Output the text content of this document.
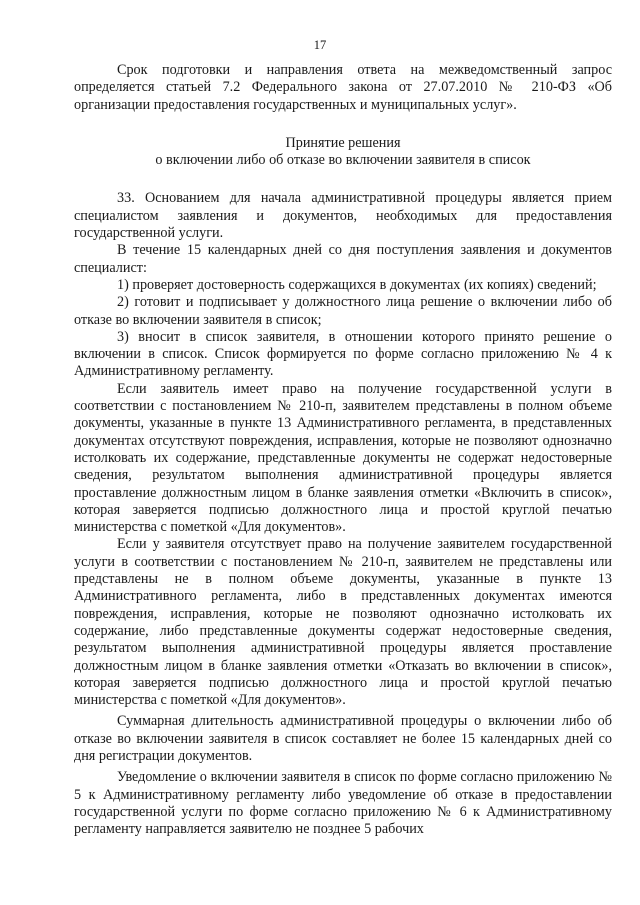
17

Срок подготовки и направления ответа на межведомственный запрос определяется статьей 7.2 Федерального закона от 27.07.2010 № 210-ФЗ «Об организации предоставления государственных и муниципальных услуг».

Принятие решения

о включении либо об отказе во включении заявителя в список

33. Основанием для начала административной процедуры является прием специалистом заявления и документов, необходимых для предоставления государственной услуги.

В течение 15 календарных дней со дня поступления заявления и документов специалист:

1) проверяет достоверность содержащихся в документах (их копиях) сведений;

2) готовит и подписывает у должностного лица решение о включении либо об отказе во включении заявителя в список;

3) вносит в список заявителя, в отношении которого принято решение о включении в список. Список формируется по форме согласно приложению № 4 к Административному регламенту.

Если заявитель имеет право на получение государственной услуги в соответствии с постановлением № 210-п, заявителем представлены в полном объеме документы, указанные в пункте 13 Административного регламента, в представленных документах отсутствуют повреждения, исправления, которые не позволяют однозначно истолковать их содержание, представленные документы не содержат недостоверные сведения, результатом выполнения административной процедуры является проставление должностным лицом в бланке заявления отметки «Включить в список», которая заверяется подписью должностного лица и простой круглой печатью министерства с пометкой «Для документов».

Если у заявителя отсутствует право на получение заявителем государственной услуги в соответствии с постановлением № 210-п, заявителем не представлены или представлены не в полном объеме документы, указанные в пункте 13 Административного регламента, либо в представленных документах имеются повреждения, исправления, которые не позволяют однозначно истолковать их содержание, либо представленные документы содержат недостоверные сведения, результатом выполнения административной процедуры является проставление должностным лицом в бланке заявления отметки «Отказать во включении в список», которая заверяется подписью должностного лица и простой круглой печатью министерства с пометкой «Для документов».

Суммарная длительность административной процедуры о включении либо об отказе во включении заявителя в список составляет не более 15 календарных дней со дня регистрации документов.

Уведомление о включении заявителя в список по форме согласно приложению № 5 к Административному регламенту либо уведомление об отказе в предоставлении государственной услуги по форме согласно приложению № 6 к Административному регламенту направляется заявителю не позднее 5 рабочих
